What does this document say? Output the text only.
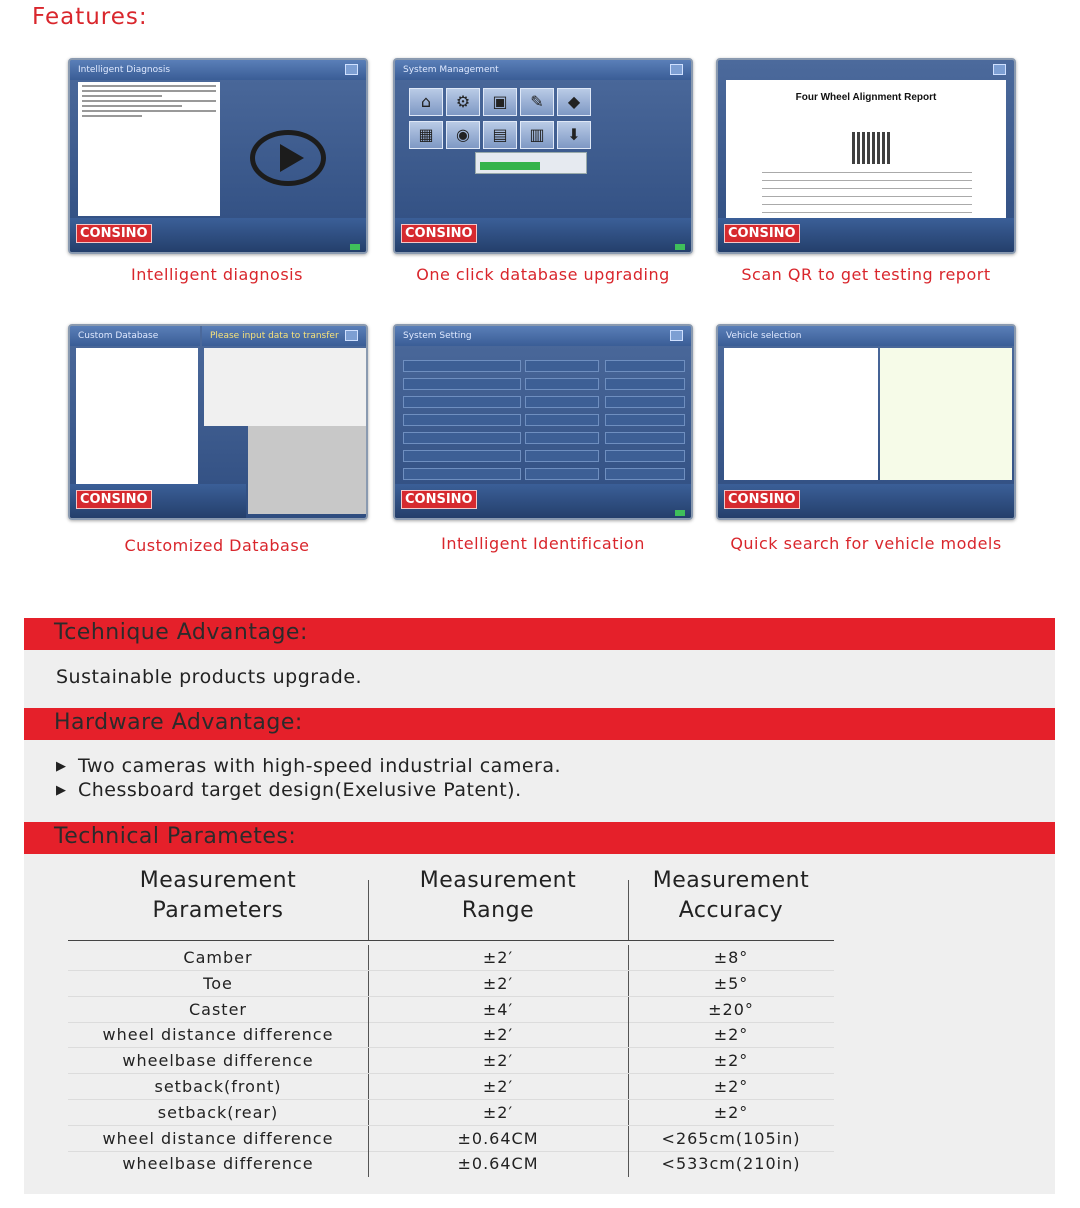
Features:
Intelligent Diagnosis
CONSINO
Intelligent diagnosis
System Management
⌂ ⚙ ▣ ✎ ◆ ▦ ◉ ▤ ▥ ⬇
CONSINO
One click database upgrading
Four Wheel Alignment Report
CONSINO
Scan QR to get testing report
Custom Database	Please input data to transfer
CONSINO
Customized Database
System Setting
CONSINO
Intelligent Identification
Vehicle selection
CONSINO
Quick search for vehicle models
Tcehnique Advantage:
Sustainable products upgrade.
Hardware Advantage:
▶ Two cameras with high-speed industrial camera.
▶ Chessboard target design(Exelusive Patent).
Technical Parametes:
Measurement
Parameters
Measurement
Range
Measurement
Accuracy
Camber	±2′	±8°
Toe	±2′	±5°
Caster	±4′	±20°
wheel distance difference	±2′	±2°
wheelbase difference	±2′	±2°
setback(front)	±2′	±2°
setback(rear)	±2′	±2°
wheel distance difference	±0.64CM	<265cm(105in)
wheelbase difference	±0.64CM	<533cm(210in)
